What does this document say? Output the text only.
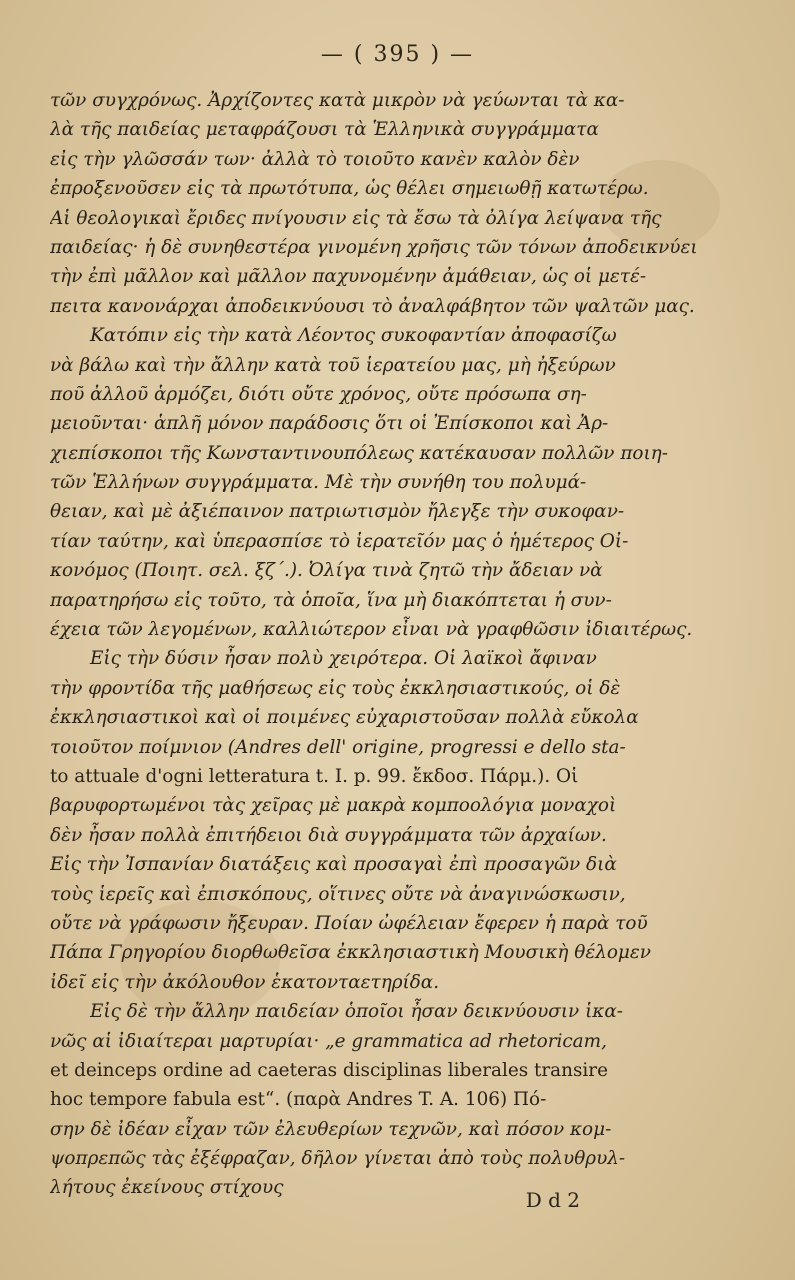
— ( 395 ) —
τῶν συγχρόνως. Ἀρχίζοντες κατὰ μικρὸν νὰ γεύωνται τὰ κα-
λὰ τῆς παιδείας μεταφράζουσι τὰ Ἑλληνικὰ συγγράμματα
εἰς τὴν γλῶσσάν των· ἀλλὰ τὸ τοιοῦτο κανὲν καλὸν δὲν
ἐπροξενοῦσεν εἰς τὰ πρωτότυπα, ὡς θέλει σημειωθῇ κατωτέρω.
Αἱ θεολογικαὶ ἔριδες πνίγουσιν εἰς τὰ ἔσω τὰ ὀλίγα λείψανα τῆς
παιδείας· ἡ δὲ συνηθεστέρα γινομένη χρῆσις τῶν τόνων ἀποδεικνύει
τὴν ἐπὶ μᾶλλον καὶ μᾶλλον παχυνομένην ἀμάθειαν, ὡς οἱ μετέ-
πειτα κανονάρχαι ἀποδεικνύουσι τὸ ἀναλφάβητον τῶν ψαλτῶν μας.
Κατόπιν εἰς τὴν κατὰ Λέοντος συκοφαντίαν ἀποφασίζω
νὰ βάλω καὶ τὴν ἄλλην κατὰ τοῦ ἱερατείου μας, μὴ ἠξεύρων
ποῦ ἀλλοῦ ἁρμόζει, διότι οὔτε χρόνος, οὔτε πρόσωπα ση-
μειοῦνται· ἁπλῆ μόνον παράδοσις ὅτι οἱ Ἐπίσκοποι καὶ Ἀρ-
χιεπίσκοποι τῆς Κωνσταντινουπόλεως κατέκαυσαν πολλῶν ποιη-
τῶν Ἑλλήνων συγγράμματα. Μὲ τὴν συνήθη του πολυμά-
θειαν, καὶ μὲ ἀξιέπαινον πατριωτισμὸν ἤλεγξε τὴν συκοφαν-
τίαν ταύτην, καὶ ὑπερασπίσε τὸ ἱερατεῖόν μας ὁ ἡμέτερος Οἰ-
κονόμος (Ποιητ. σελ. ξζ΄.). Ὀλίγα τινὰ ζητῶ τὴν ἄδειαν νὰ
παρατηρήσω εἰς τοῦτο, τὰ ὁποῖα, ἵνα μὴ διακόπτεται ἡ συν-
έχεια τῶν λεγομένων, καλλιώτερον εἶναι νὰ γραφθῶσιν ἰδιαιτέρως.
Εἰς τὴν δύσιν ἦσαν πολὺ χειρότερα. Οἱ λαϊκοὶ ἄφιναν
τὴν φροντίδα τῆς μαθήσεως εἰς τοὺς ἐκκλησιαστικούς, οἱ δὲ
ἐκκλησιαστικοὶ καὶ οἱ ποιμένες εὐχαριστοῦσαν πολλὰ εὔκολα
τοιοῦτον ποίμνιον (Andres dell' origine, progressi e dello sta-
to attuale d'ogni letteratura t. I. p. 99. ἔκδοσ. Πάρμ.). Οἱ
βαρυφορτωμένοι τὰς χεῖρας μὲ μακρὰ κομποολόγια μοναχοὶ
δὲν ἦσαν πολλὰ ἐπιτήδειοι διὰ συγγράμματα τῶν ἀρχαίων.
Εἰς τὴν Ἰσπανίαν διατάξεις καὶ προσαγαὶ ἐπὶ προσαγῶν διὰ
τοὺς ἱερεῖς καὶ ἐπισκόπους, οἵτινες οὔτε νὰ ἀναγινώσκωσιν,
οὔτε νὰ γράφωσιν ἤξευραν. Ποίαν ὠφέλειαν ἔφερεν ἡ παρὰ τοῦ
Πάπα Γρηγορίου διορθωθεῖσα ἐκκλησιαστικὴ Μουσικὴ θέλομεν
ἰδεῖ εἰς τὴν ἀκόλουθον ἑκατονταετηρίδα.
Εἰς δὲ τὴν ἄλλην παιδείαν ὁποῖοι ἦσαν δεικνύουσιν ἱκα-
νῶς αἱ ἰδιαίτεραι μαρτυρίαι· „e grammatica ad rhetoricam,
et deinceps ordine ad caeteras disciplinas liberales transire
hoc tempore fabula est“. (παρὰ Andres T. A. 106) Πό-
σην δὲ ἰδέαν εἶχαν τῶν ἐλευθερίων τεχνῶν, καὶ πόσον κομ-
ψοπρεπῶς τὰς ἐξέφραζαν, δῆλον γίνεται ἀπὸ τοὺς πολυθρυλ-
λήτους ἐκείνους στίχους
D d 2
